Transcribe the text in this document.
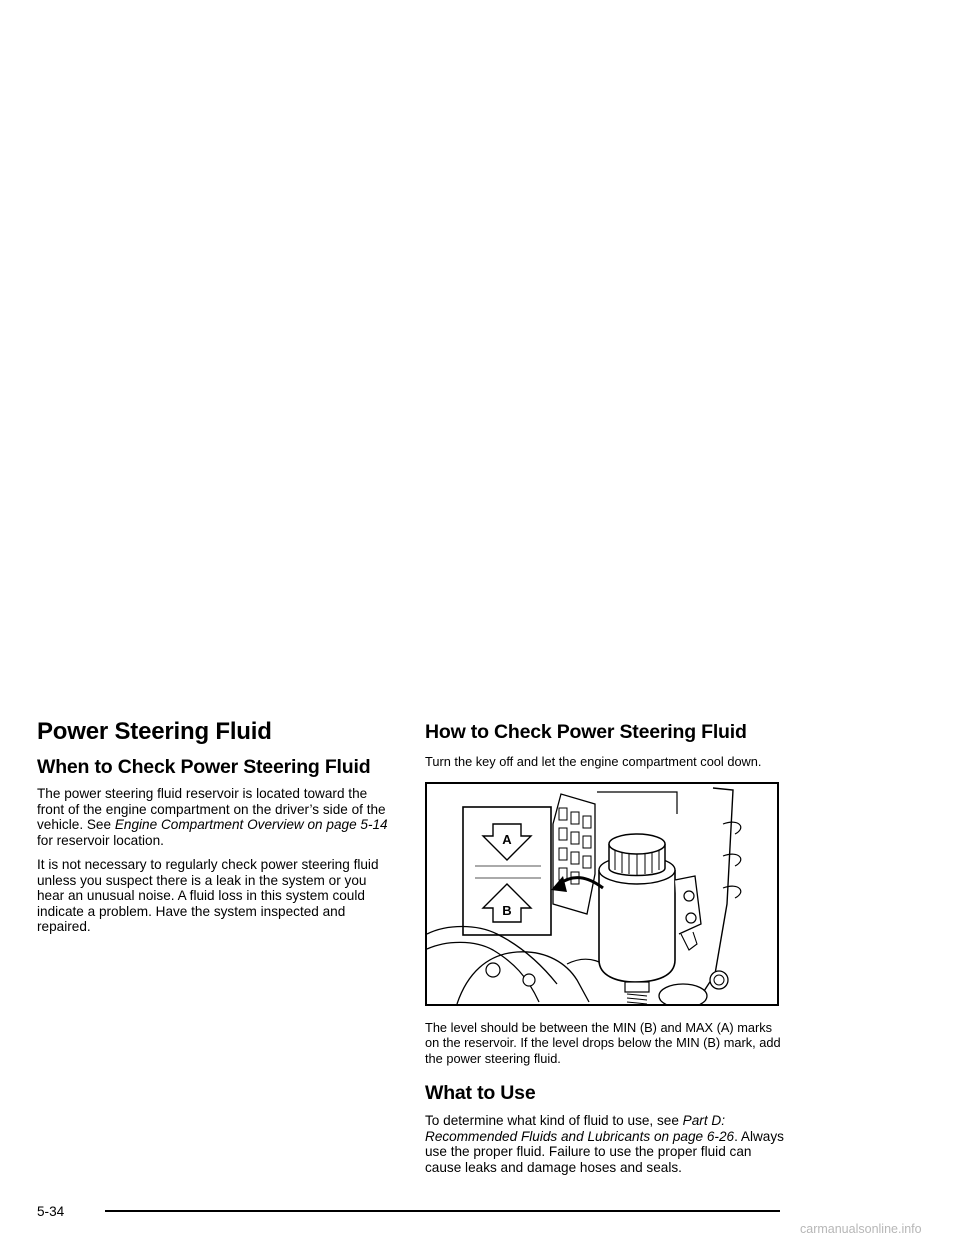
Power Steering Fluid
When to Check Power Steering Fluid

The power steering fluid reservoir is located toward the front of the engine compartment on the driver’s side of the vehicle. See Engine Compartment Overview on page 5-14 for reservoir location.

It is not necessary to regularly check power steering fluid unless you suspect there is a leak in the system or you hear an unusual noise. A fluid loss in this system could indicate a problem. Have the system inspected and repaired.

How to Check Power Steering Fluid

Turn the key off and let the engine compartment cool down.

A
B

The level should be between the MIN (B) and MAX (A) marks on the reservoir. If the level drops below the MIN (B) mark, add the power steering fluid.

What to Use

To determine what kind of fluid to use, see Part D: Recommended Fluids and Lubricants on page 6-26. Always use the proper fluid. Failure to use the proper fluid can cause leaks and damage hoses and seals.

5-34
carmanualsonline.info
